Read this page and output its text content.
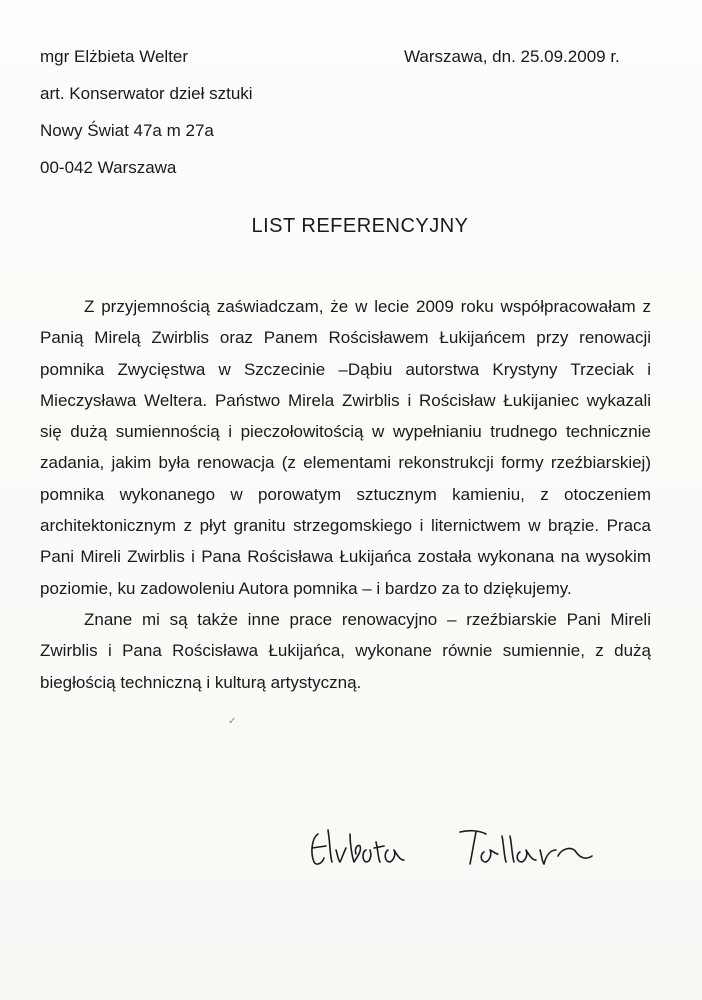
mgr Elżbieta Welter
art. Konserwator dzieł sztuki
Nowy Świat 47a m 27a
00-042 Warszawa
Warszawa, dn. 25.09.2009 r.
LIST REFERENCYJNY

Z przyjemnością zaświadczam, że w lecie 2009 roku współpracowałam z Panią Mirelą Zwirblis oraz Panem Rościsławem Łukijańcem przy renowacji pomnika Zwycięstwa w Szczecinie –Dąbiu autorstwa Krystyny Trzeciak i Mieczysława Weltera. Państwo Mirela Zwirblis i Rościsław Łukijaniec wykazali się dużą sumiennością i pieczołowitością w wypełnianiu trudnego technicznie zadania, jakim była renowacja (z elementami rekonstrukcji formy rzeźbiarskiej) pomnika wykonanego w porowatym sztucznym kamieniu, z otoczeniem architektonicznym z płyt granitu strzegomskiego i liternictwem w brązie. Praca Pani Mireli Zwirblis i Pana Rościsława Łukijańca została wykonana na wysokim poziomie, ku zadowoleniu Autora pomnika – i bardzo za to dziękujemy.

Znane mi są także inne prace renowacyjno – rzeźbiarskie Pani Mireli Zwirblis i Pana Rościsława Łukijańca, wykonane równie sumiennie, z dużą biegłością techniczną i kulturą artystyczną.

✓
